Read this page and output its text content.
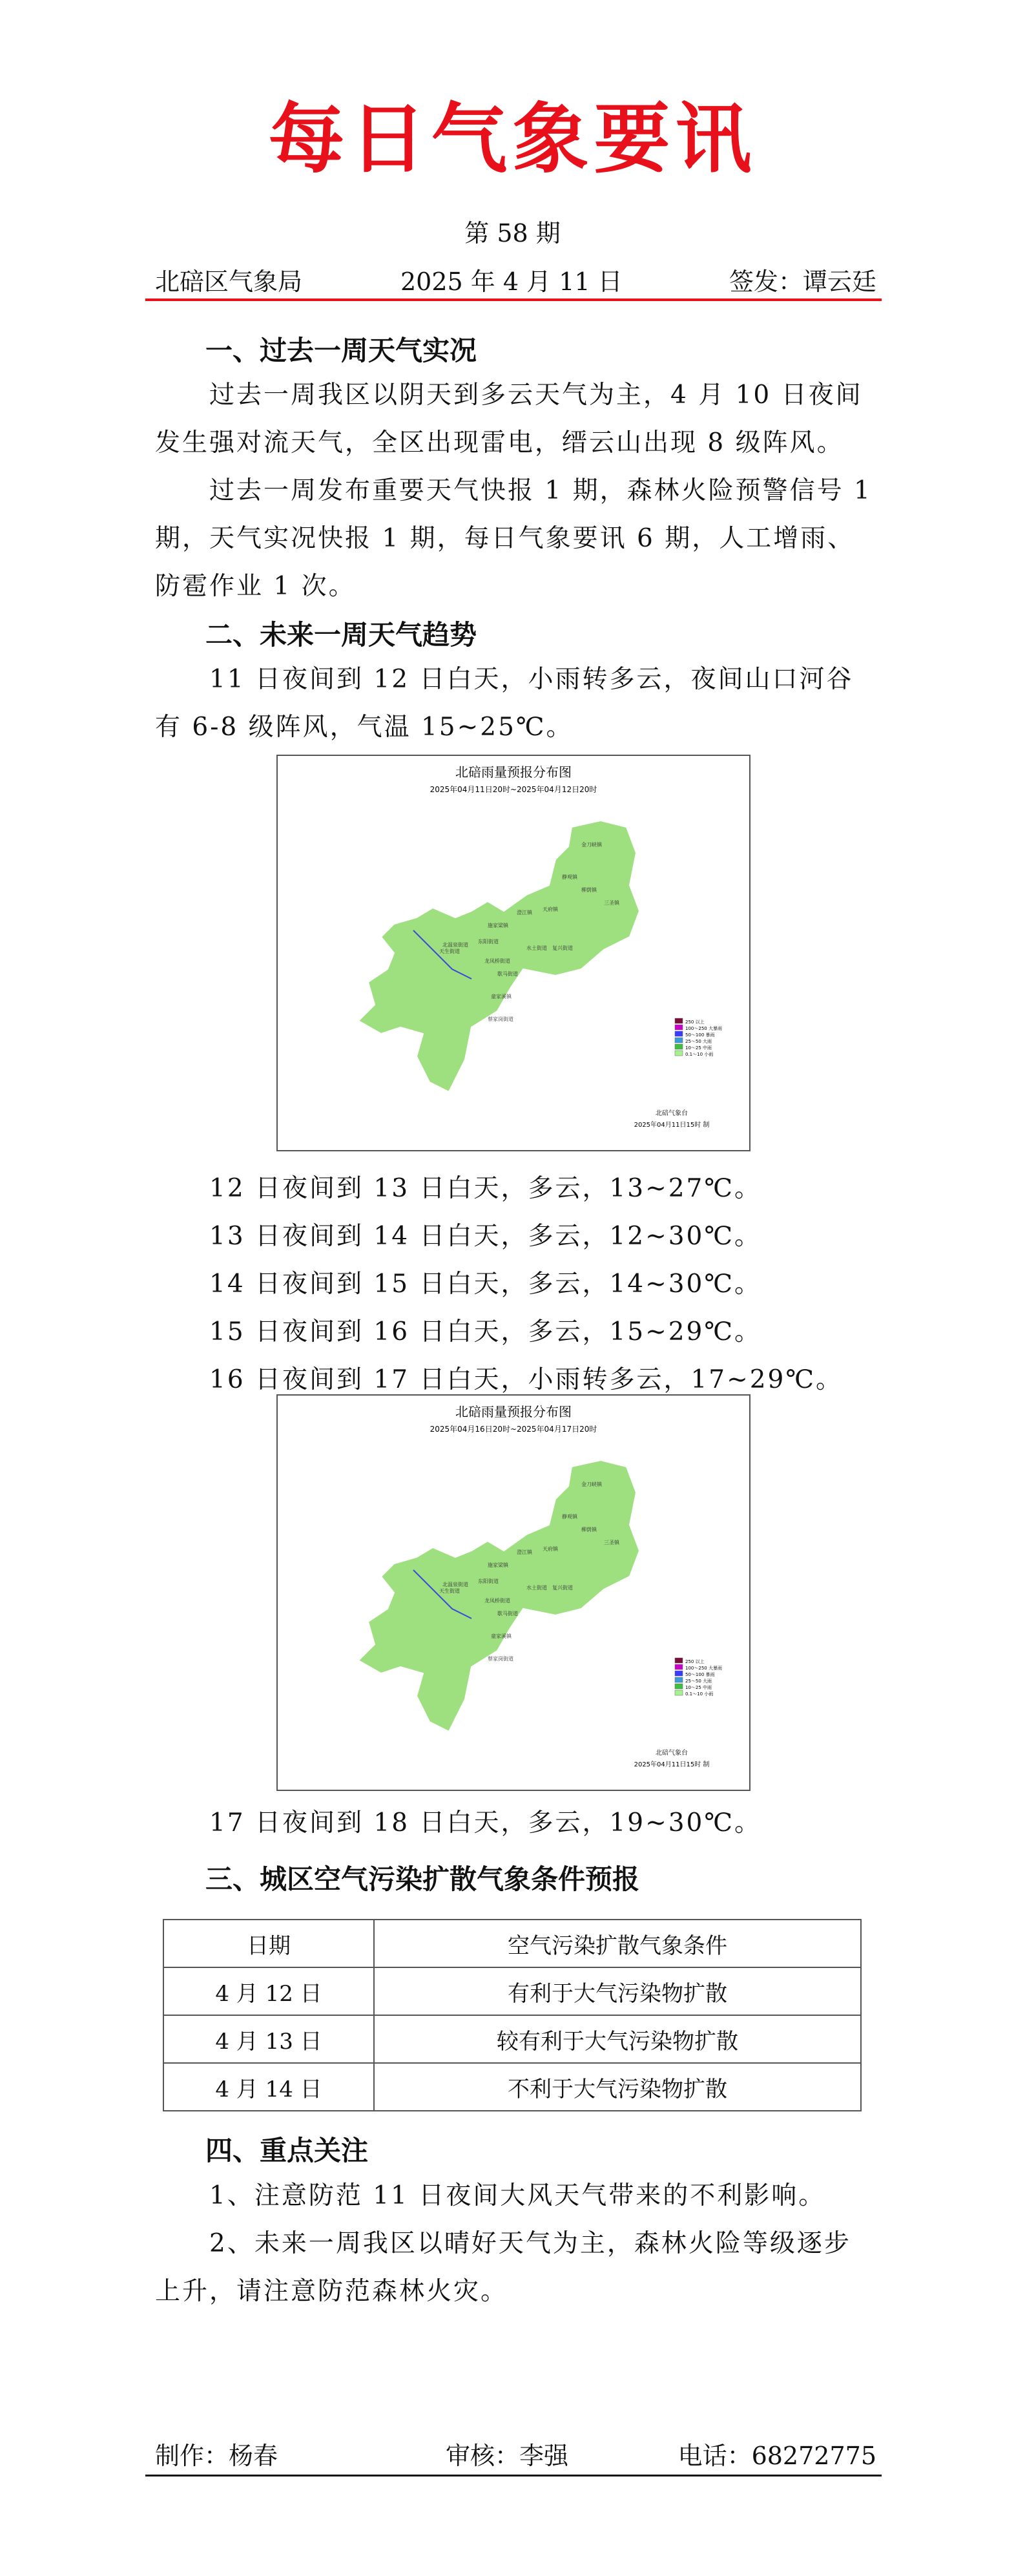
每日气象要讯
第 58 期
北碚区气象局	2025 年 4 月 11 日	签发：谭云廷
一、过去一周天气实况

过去一周我区以阴天到多云天气为主，4 月 10 日夜间发生强对流天气，全区出现雷电，缙云山出现 8 级阵风。

过去一周发布重要天气快报 1 期，森林火险预警信号 1 期，天气实况快报 1 期，每日气象要讯 6 期，人工增雨、防雹作业 1 次。

二、未来一周天气趋势

11 日夜间到 12 日白天，小雨转多云，夜间山口河谷有 6-8 级阵风，气温 15~25℃。

北碚雨量预报分布图
2025年04月11日20时~2025年04月12日20时
金刀峡镇
静观镇
柳荫镇
三圣镇
天府镇
澄江镇
水土街道 复兴街道
施家梁镇
东阳街道
北温泉街道
天生街道
龙凤桥街道
歇马街道
童家溪镇
蔡家岗街道	250 以上
100～250 大暴雨
50～100 暴雨
25～50 大雨
10～25 中雨
0.1～10 小雨
北碚气象台
2025年04月11日15时 制
12 日夜间到 13 日白天，多云，13~27℃。
13 日夜间到 14 日白天，多云，12~30℃。
14 日夜间到 15 日白天，多云，14~30℃。
15 日夜间到 16 日白天，多云，15~29℃。
16 日夜间到 17 日白天，小雨转多云，17~29℃。
北碚雨量预报分布图
2025年04月16日20时~2025年04月17日20时
金刀峡镇
静观镇
柳荫镇
三圣镇
天府镇
澄江镇
水土街道 复兴街道
施家梁镇
东阳街道
北温泉街道
天生街道
龙凤桥街道
歇马街道
童家溪镇
蔡家岗街道	250 以上
100～250 大暴雨
50～100 暴雨
25～50 大雨
10～25 中雨
0.1～10 小雨
北碚气象台
2025年04月11日15时 制
17 日夜间到 18 日白天，多云，19~30℃。
三、城区空气污染扩散气象条件预报
日期	空气污染扩散气象条件
4 月 12 日	有利于大气污染物扩散
4 月 13 日	较有利于大气污染物扩散
4 月 14 日	不利于大气污染物扩散
四、重点关注

1、注意防范 11 日夜间大风天气带来的不利影响。

2、未来一周我区以晴好天气为主，森林火险等级逐步上升，请注意防范森林火灾。

制作：杨春	审核：李强	电话：68272775
